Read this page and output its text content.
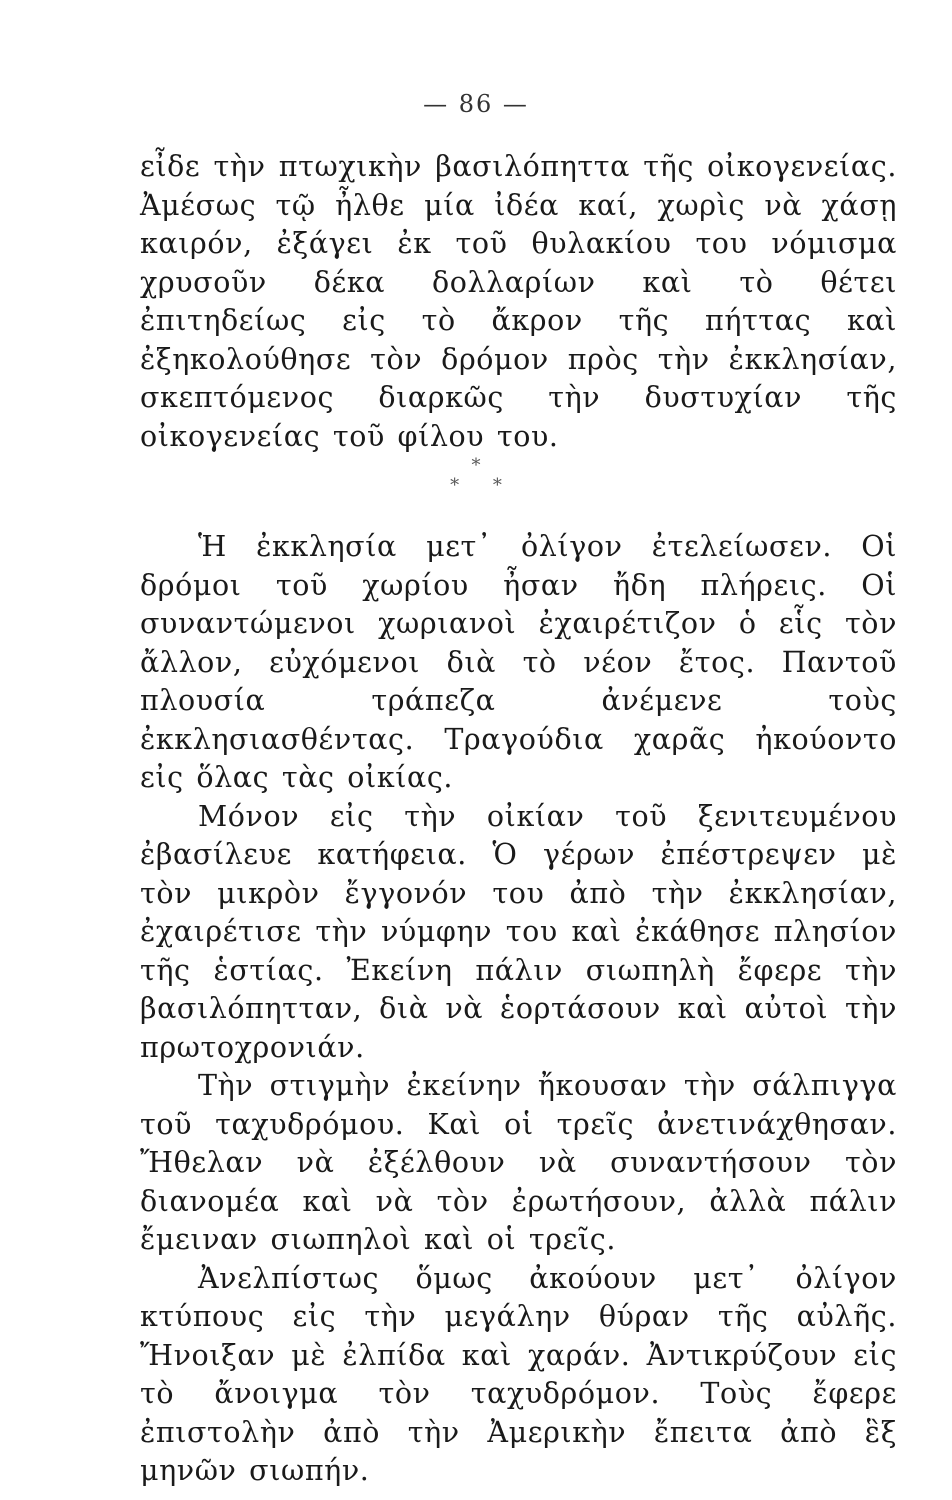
— 86 —

εἶδε τὴν πτωχικὴν βασιλόπηττα τῆς οἰκογενείας. Ἀμέσως τῷ ἦλθε μία ἰδέα καί, χωρὶς νὰ χάσῃ καιρόν, ἐξάγει ἐκ τοῦ θυλακίου του νόμισμα χρυσοῦν δέκα δολλαρίων καὶ τὸ θέτει ἐπιτηδείως εἰς τὸ ἄκρον τῆς πήττας καὶ ἐξηκολούθησε τὸν δρόμον πρὸς τὴν ἐκκλησίαν, σκεπτόμενος διαρκῶς τὴν δυστυχίαν τῆς οἰκογενείας τοῦ φίλου του.

*
* *

Ἡ ἐκκλησία μετ᾽ ὀλίγον ἐτελείωσεν. Οἱ δρόμοι τοῦ χωρίου ἦσαν ἤδη πλήρεις. Οἱ συναντώμενοι χωριανοὶ ἐχαιρέτιζον ὁ εἷς τὸν ἄλλον, εὐχόμενοι διὰ τὸ νέον ἔτος. Παντοῦ πλουσία τράπεζα ἀνέμενε τοὺς ἐκκλησιασθέντας. Τραγούδια χαρᾶς ἠκούοντο εἰς ὅλας τὰς οἰκίας.

Μόνον εἰς τὴν οἰκίαν τοῦ ξενιτευμένου ἐβασίλευε κατήφεια. Ὁ γέρων ἐπέστρεψεν μὲ τὸν μικρὸν ἔγγονόν του ἀπὸ τὴν ἐκκλησίαν, ἐχαιρέτισε τὴν νύμφην του καὶ ἐκάθησε πλησίον τῆς ἑστίας. Ἐκείνη πάλιν σιωπηλὴ ἔφερε τὴν βασιλόπητταν, διὰ νὰ ἑορτάσουν καὶ αὐτοὶ τὴν πρωτοχρονιάν.

Τὴν στιγμὴν ἐκείνην ἤκουσαν τὴν σάλπιγγα τοῦ ταχυδρόμου. Καὶ οἱ τρεῖς ἀνετινάχθησαν. Ἤθελαν νὰ ἐξέλθουν νὰ συναντήσουν τὸν διανομέα καὶ νὰ τὸν ἐρωτήσουν, ἀλλὰ πάλιν ἔμειναν σιωπηλοὶ καὶ οἱ τρεῖς.

Ἀνελπίστως ὅμως ἀκούουν μετ᾽ ὀλίγον κτύπους εἰς τὴν μεγάλην θύραν τῆς αὐλῆς. Ἤνοιξαν μὲ ἐλπίδα καὶ χαράν. Ἀντικρύζουν εἰς τὸ ἄνοιγμα τὸν ταχυδρόμον. Τοὺς ἔφερε ἐπιστολὴν ἀπὸ τὴν Ἀμερικὴν ἔπειτα ἀπὸ ἓξ μηνῶν σιωπήν.
